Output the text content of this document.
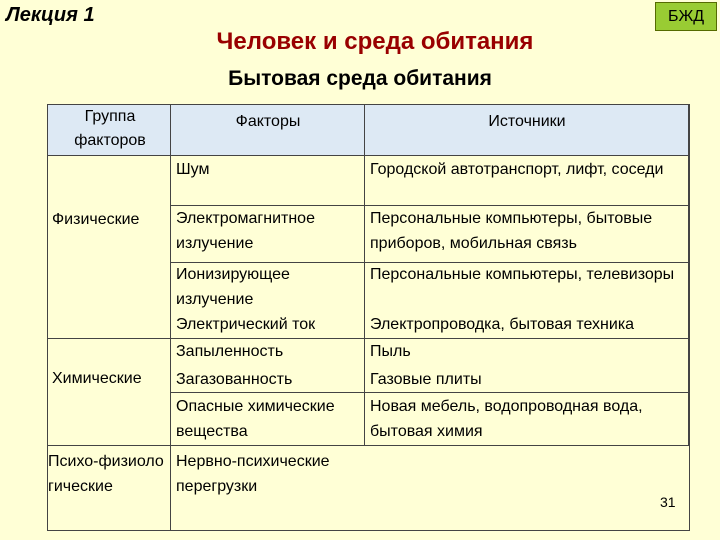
Лекция 1	БЖД
Человек и среда обитания
Бытовая среда обитания
Группа факторов
Факторы	Источники
Физические
Химические
Психо-физиологические
Шум
Электромагнитное излучение
Ионизирующее излучение
Электрический ток
Запыленность
Загазованность
Опасные химические вещества
Нервно-психические перегрузки
Городской автотранспорт, лифт, соседи
Персональные компьютеры, бытовые приборов, мобильная связь
Персональные компьютеры, телевизоры
Электропроводка, бытовая техника
Пыль
Газовые плиты
Новая мебель, водопроводная вода, бытовая химия
31
